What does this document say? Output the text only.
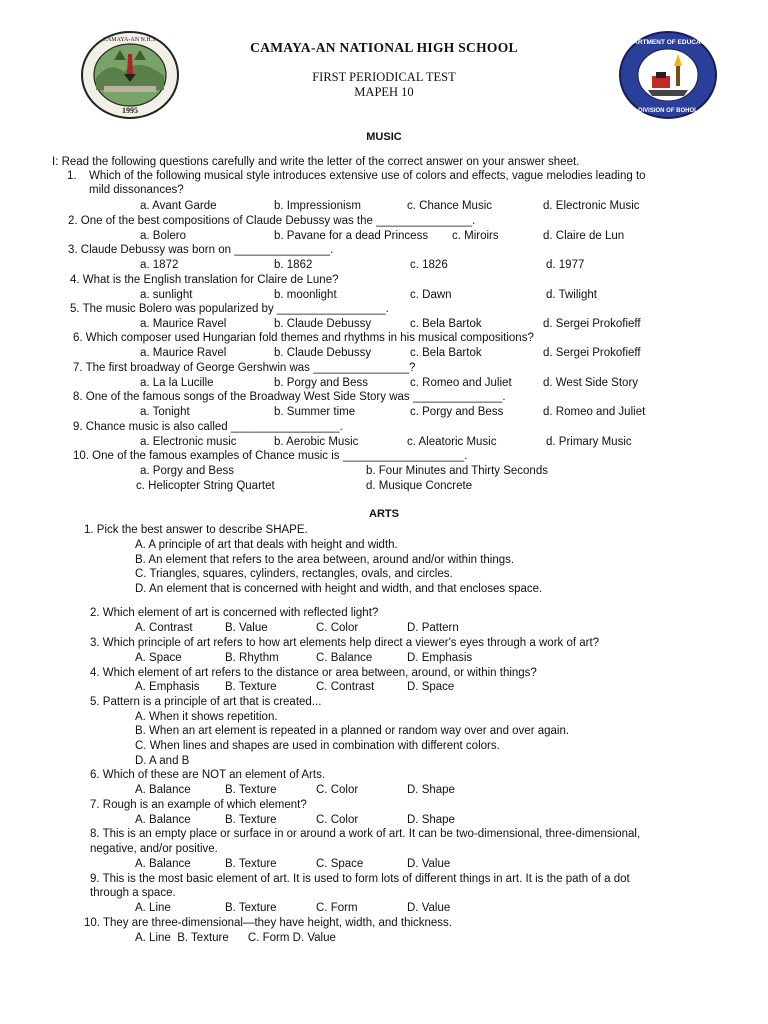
1995
CAMAYA-AN N.H.S.	CAMAYA-AN NATIONAL HIGH SCHOOL
FIRST PERIODICAL TEST
MAPEH 10
DEPARTMENT OF EDUCATION
DIVISION OF BOHOL
MUSIC
I: Read the following questions carefully and write the letter of the correct answer on your answer sheet.
1. Which of the following musical style introduces extensive use of colors and effects, vague melodies leading to
mild dissonances?
a. Avant Garde	b. Impressionism	c. Chance Music	d. Electronic Music
2. One of the best compositions of Claude Debussy was the _______________.
a. Bolero	b. Pavane for a dead Princess c. Miroirs	d. Claire de Lun
3. Claude Debussy was born on _______________.
a. 1872	b. 1862	c. 1826	d. 1977
4. What is the English translation for Claire de Lune?
a. sunlight	b. moonlight	c. Dawn	d. Twilight
5. The music Bolero was popularized by _________________.
a. Maurice Ravel	b. Claude Debussy	c. Bela Bartok	d. Sergei Prokofieff
6. Which composer used Hungarian fold themes and rhythms in his musical compositions?
a. Maurice Ravel	b. Claude Debussy	c. Bela Bartok	d. Sergei Prokofieff
7. The first broadway of George Gershwin was _______________?
a. La la Lucille	b. Porgy and Bess	c. Romeo and Juliet	d. West Side Story
8. One of the famous songs of the Broadway West Side Story was ______________.
a. Tonight	b. Summer time	c. Porgy and Bess	d. Romeo and Juliet
9. Chance music is also called _________________.
a. Electronic music	b. Aerobic Music	c. Aleatoric Music	d. Primary Music
10. One of the famous examples of Chance music is ___________________.
a. Porgy and Bess	b. Four Minutes and Thirty Seconds
c. Helicopter String Quartet	d. Musique Concrete
ARTS
1. Pick the best answer to describe SHAPE.
A. A principle of art that deals with height and width.
B. An element that refers to the area between, around and/or within things.
C. Triangles, squares, cylinders, rectangles, ovals, and circles.
D. An element that is concerned with height and width, and that encloses space.
2. Which element of art is concerned with reflected light?
A. Contrast	B. Value	C. Color	D. Pattern
3. Which principle of art refers to how art elements help direct a viewer's eyes through a work of art?
A. Space	B. Rhythm	C. Balance	D. Emphasis
4. Which element of art refers to the distance or area between, around, or within things?
A. Emphasis B. Texture	C. Contrast	D. Space
5. Pattern is a principle of art that is created...
A. When it shows repetition.
B. When an art element is repeated in a planned or random way over and over again.
C. When lines and shapes are used in combination with different colors.
D. A and B
6. Which of these are NOT an element of Arts.
A. Balance	B. Texture	C. Color	D. Shape
7. Rough is an example of which element?
A. Balance	B. Texture	C. Color	D. Shape
8. This is an empty place or surface in or around a work of art. It can be two-dimensional, three-dimensional,
negative, and/or positive.
A. Balance	B. Texture	C. Space	D. Value
9. This is the most basic element of art. It is used to form lots of different things in art. It is the path of a dot
through a space.
A. Line	B. Texture	C. Form	D. Value
10. They are three-dimensional—they have height, width, and thickness.
A. Line  B. Texture      C. Form D. Value
